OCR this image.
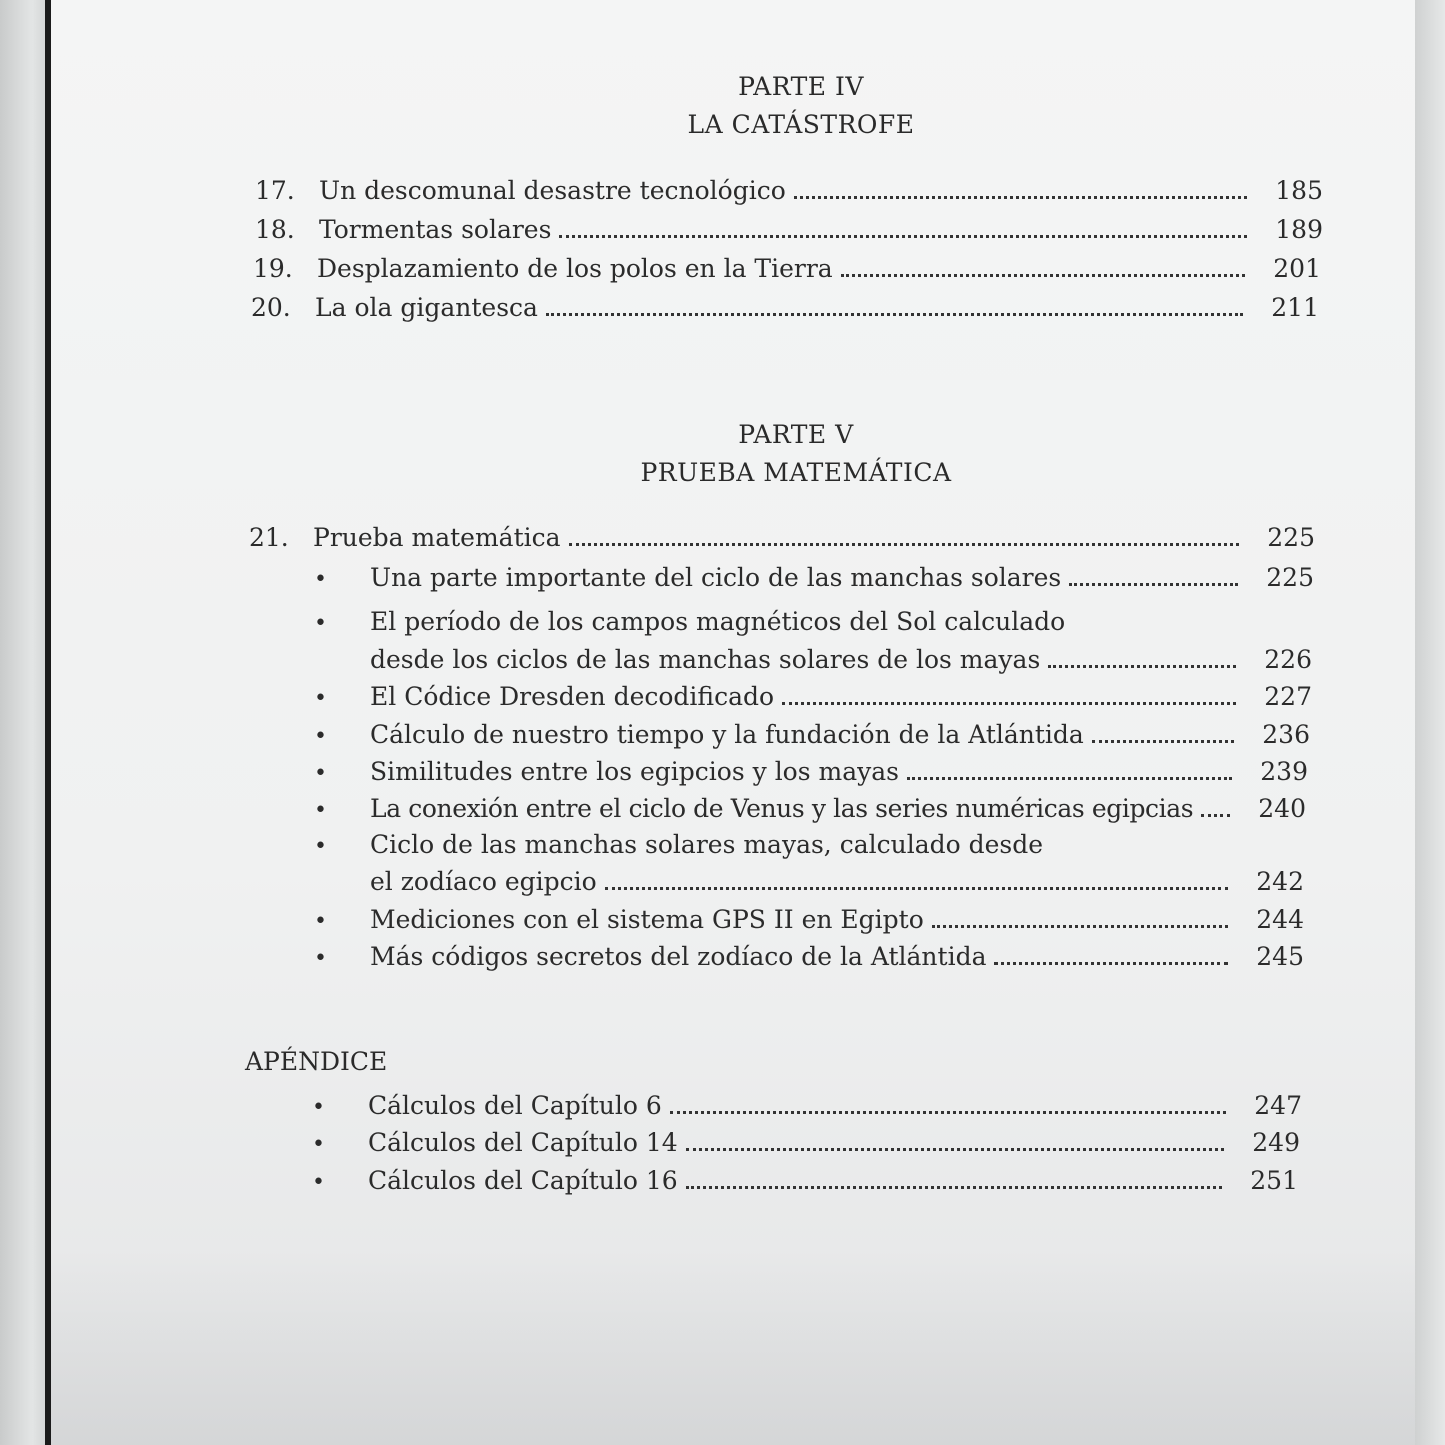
PARTE IV
LA CATÁSTROFE
17. Un descomunal desastre tecnológico	185
18. Tormentas solares	189
19. Desplazamiento de los polos en la Tierra	201
20. La ola gigantesca	211
PARTE V
PRUEBA MATEMÁTICA
21. Prueba matemática	225
•	Una parte importante del ciclo de las manchas solares	225
• El período de los campos magnéticos del Sol calculado
desde los ciclos de las manchas solares de los mayas	226
•	El Códice Dresden decodificado	227
•	Cálculo de nuestro tiempo y la fundación de la Atlántida	236
•	Similitudes entre los egipcios y los mayas	239
•	La conexión entre el ciclo de Venus y las series numéricas egipcias	240
• Ciclo de las manchas solares mayas, calculado desde
el zodíaco egipcio	242
•	Mediciones con el sistema GPS II en Egipto	244
•	Más códigos secretos del zodíaco de la Atlántida	245
APÉNDICE
•	Cálculos del Capítulo 6	247
•	Cálculos del Capítulo 14	249
•	Cálculos del Capítulo 16	251
